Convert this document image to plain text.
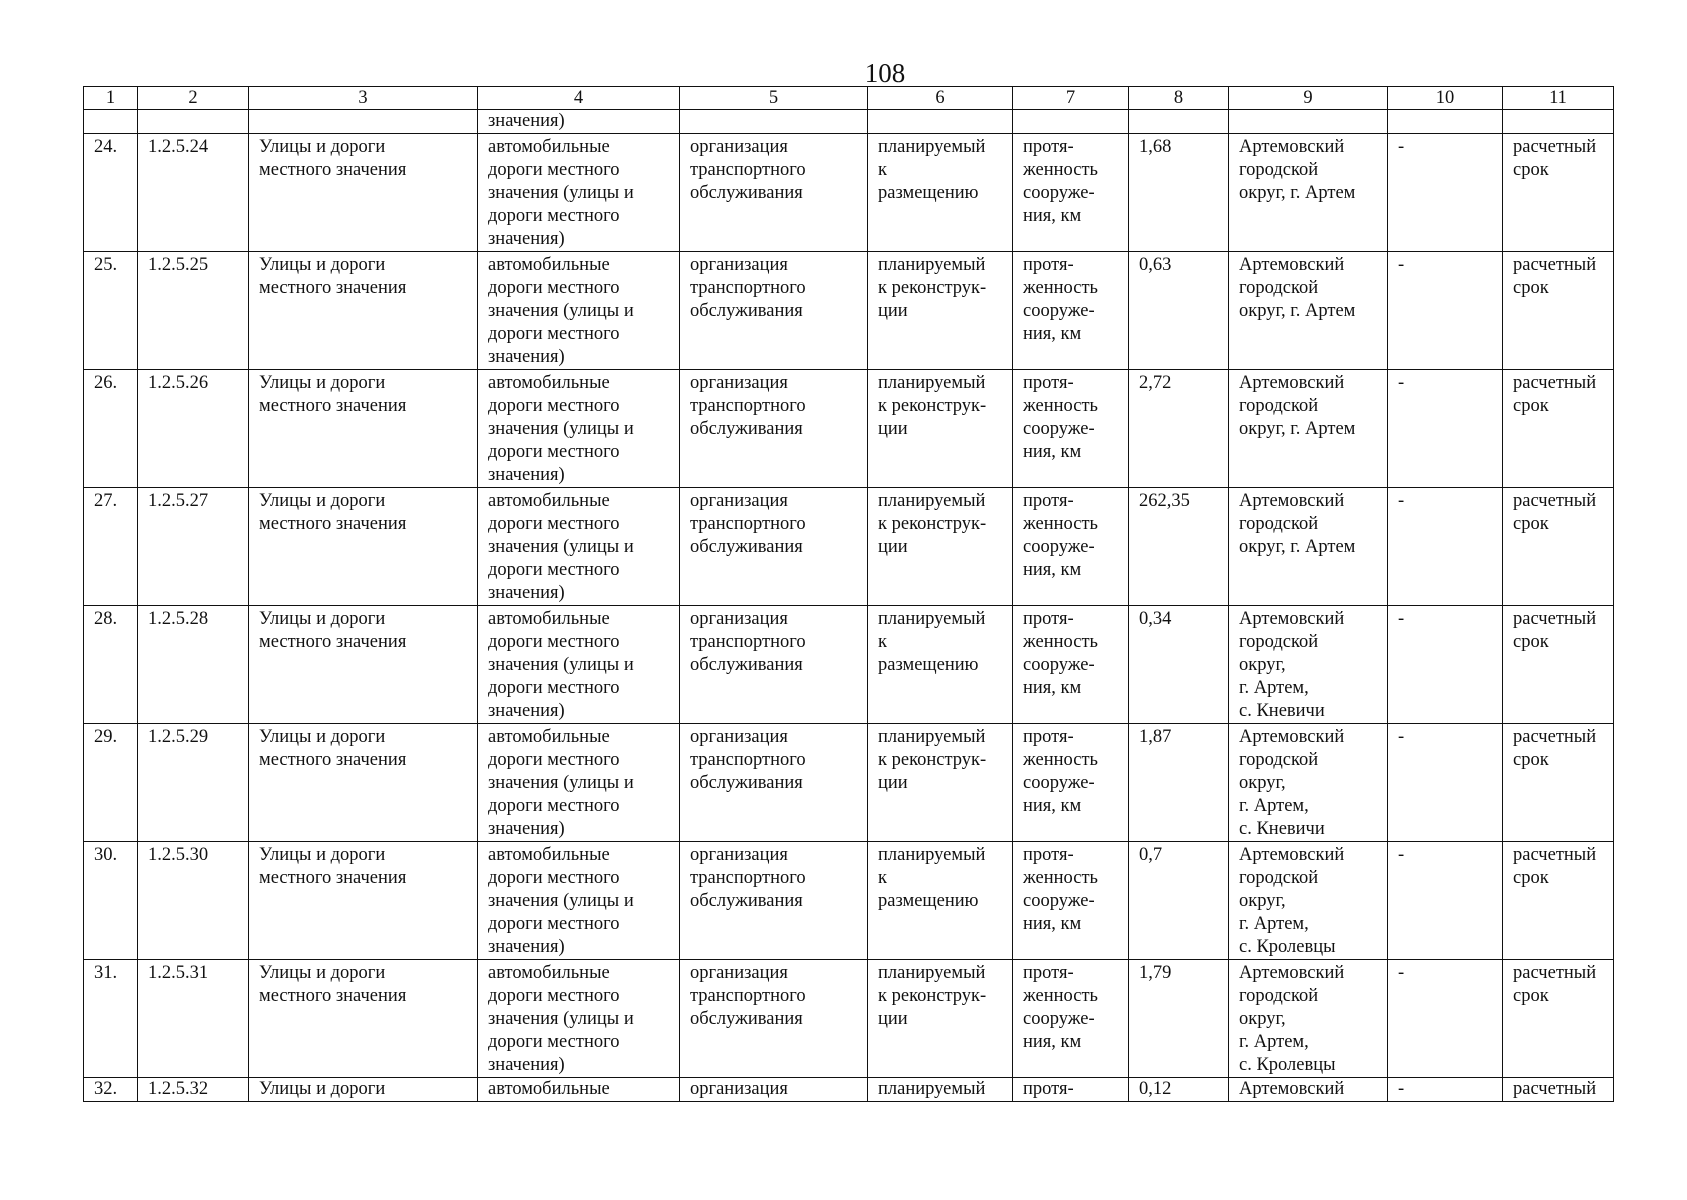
108
1	2	3	4	5	6	7	8	9	10	11
			значения)							
24.	1.2.5.24	Улицы и дороги
местного значения	автомобильные
дороги местного
значения (улицы и
дороги местного
значения)	организация
транспортного
обслуживания	планируемый
к
размещению	протя-
женность
сооруже-
ния, км	1,68	Артемовский
городской
округ, г. Артем	-	расчетный
срок

25.	1.2.5.25	Улицы и дороги
местного значения	автомобильные
дороги местного
значения (улицы и
дороги местного
значения)	организация
транспортного
обслуживания	планируемый
к реконструк-
ции	протя-
женность
сооруже-
ния, км	0,63	Артемовский
городской
округ, г. Артем	-	расчетный
срок

26.	1.2.5.26	Улицы и дороги
местного значения	автомобильные
дороги местного
значения (улицы и
дороги местного
значения)	организация
транспортного
обслуживания	планируемый
к реконструк-
ции	протя-
женность
сооруже-
ния, км	2,72	Артемовский
городской
округ, г. Артем	-	расчетный
срок

27.	1.2.5.27	Улицы и дороги
местного значения	автомобильные
дороги местного
значения (улицы и
дороги местного
значения)	организация
транспортного
обслуживания	планируемый
к реконструк-
ции	протя-
женность
сооруже-
ния, км	262,35	Артемовский
городской
округ, г. Артем	-	расчетный
срок

28.	1.2.5.28	Улицы и дороги
местного значения	автомобильные
дороги местного
значения (улицы и
дороги местного
значения)	организация
транспортного
обслуживания	планируемый
к
размещению	протя-
женность
сооруже-
ния, км	0,34	Артемовский
городской
округ,
г. Артем,
с. Кневичи	-	расчетный
срок

29.	1.2.5.29	Улицы и дороги
местного значения	автомобильные
дороги местного
значения (улицы и
дороги местного
значения)	организация
транспортного
обслуживания	планируемый
к реконструк-
ции	протя-
женность
сооруже-
ния, км	1,87	Артемовский
городской
округ,
г. Артем,
с. Кневичи	-	расчетный
срок

30.	1.2.5.30	Улицы и дороги
местного значения	автомобильные
дороги местного
значения (улицы и
дороги местного
значения)	организация
транспортного
обслуживания	планируемый
к
размещению	протя-
женность
сооруже-
ния, км	0,7	Артемовский
городской
округ,
г. Артем,
с. Кролевцы	-	расчетный
срок

31.	1.2.5.31	Улицы и дороги
местного значения	автомобильные
дороги местного
значения (улицы и
дороги местного
значения)	организация
транспортного
обслуживания	планируемый
к реконструк-
ции	протя-
женность
сооруже-
ния, км	1,79	Артемовский
городской
округ,
г. Артем,
с. Кролевцы	-	расчетный
срок

32.	1.2.5.32	Улицы и дороги	автомобильные	организация	планируемый	протя-	0,12	Артемовский	-	расчетный
